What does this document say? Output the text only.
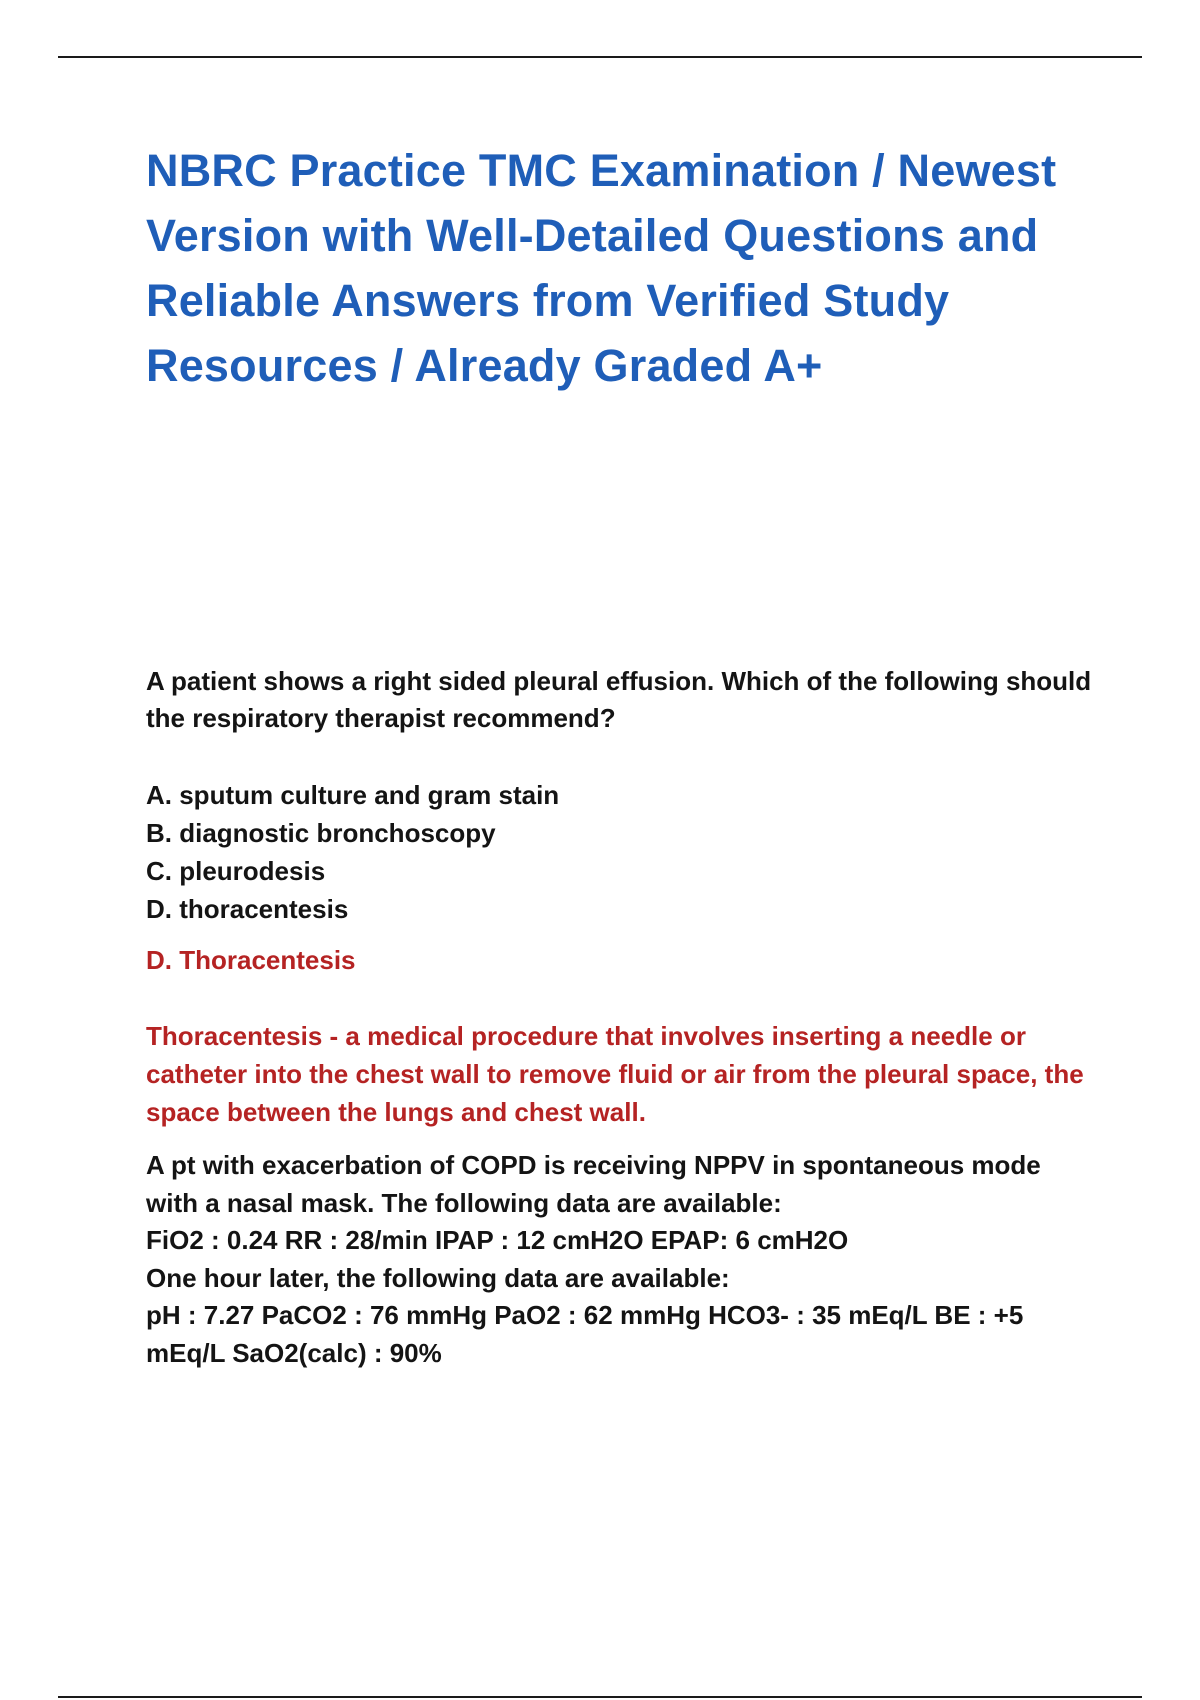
NBRC Practice TMC Examination / Newest Version with Well-Detailed Questions and Reliable Answers from Verified Study Resources / Already Graded A+

A patient shows a right sided pleural effusion. Which of the following should the respiratory therapist recommend?

A. sputum culture and gram stain
B. diagnostic bronchoscopy
C. pleurodesis
D. thoracentesis

D. Thoracentesis

Thoracentesis - a medical procedure that involves inserting a needle or catheter into the chest wall to remove fluid or air from the pleural space, the space between the lungs and chest wall.

A pt with exacerbation of COPD is receiving NPPV in spontaneous mode with a nasal mask. The following data are available:

FiO2 : 0.24 RR : 28/min IPAP : 12 cmH2O EPAP: 6 cmH2O

One hour later, the following data are available:

pH : 7.27 PaCO2 : 76 mmHg PaO2 : 62 mmHg HCO3- : 35 mEq/L BE : +5 mEq/L SaO2(calc) : 90%
